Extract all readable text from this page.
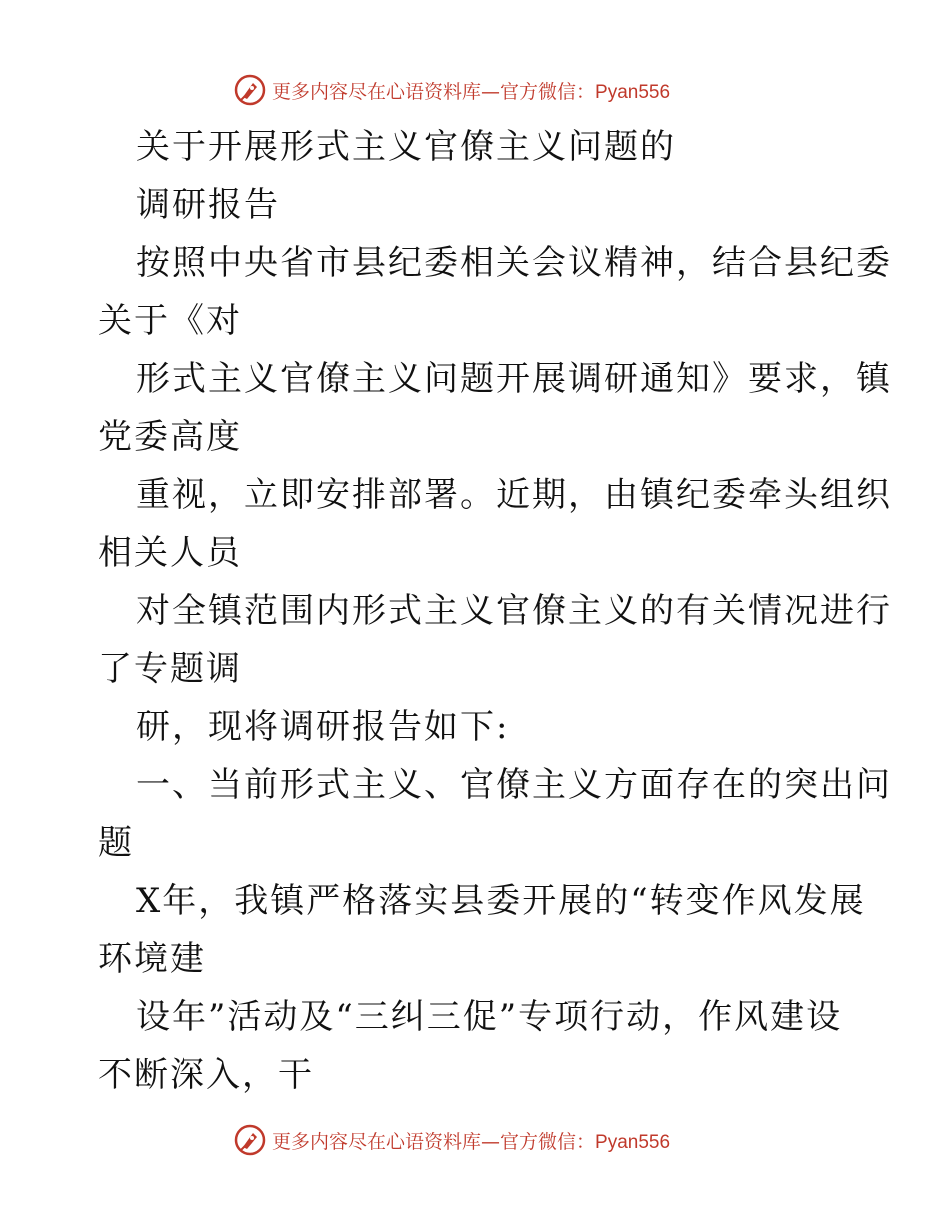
更多内容尽在心语资料库—官方微信：Pyan556
关于开展形式主义官僚主义问题的
调研报告
按照中央省市县纪委相关会议精神，结合县纪委
关于《对
形式主义官僚主义问题开展调研通知》要求，镇
党委高度
重视，立即安排部署。近期，由镇纪委牵头组织
相关人员
对全镇范围内形式主义官僚主义的有关情况进行
了专题调
研，现将调研报告如下:
一、当前形式主义、官僚主义方面存在的突出问
题
X年，我镇严格落实县委开展的“转变作风发展
环境建
设年”活动及“三纠三促”专项行动，作风建设
不断深入，干
更多内容尽在心语资料库—官方微信：Pyan556
